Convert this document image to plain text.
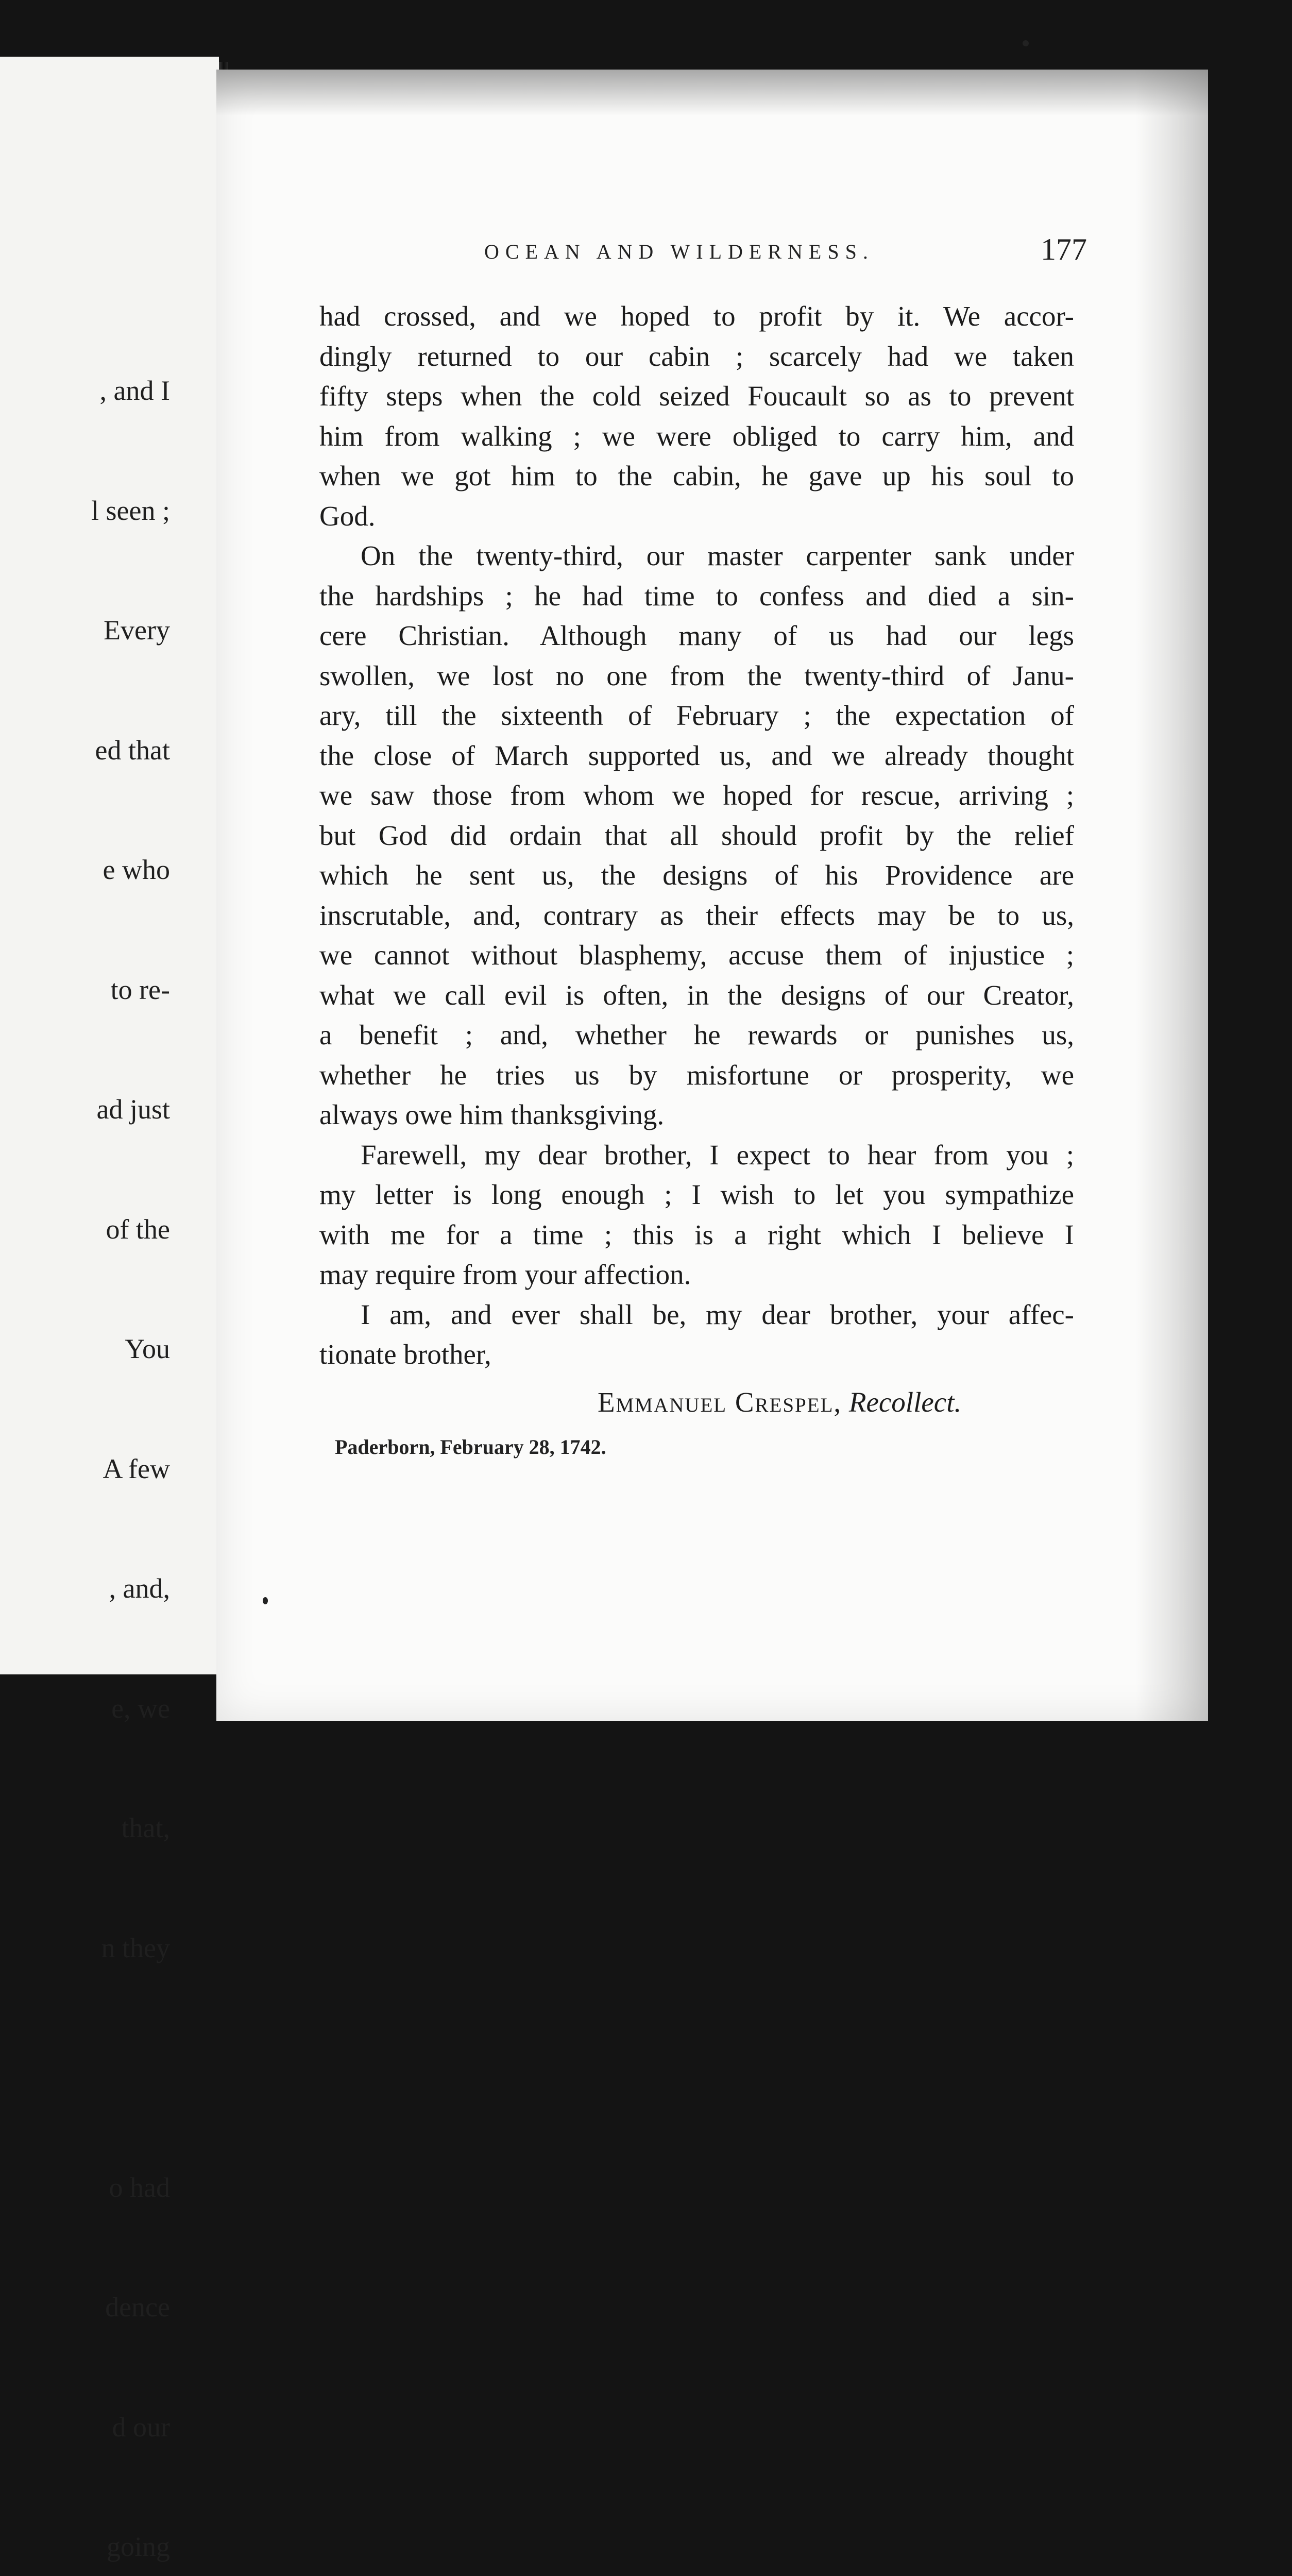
, and I

l seen ;

Every

ed that

e who

to re-

ad just

of the

You

A few

, and,

e, we

that,

n they

o had

dence

d our

going

OCEAN AND WILDERNESS.	177
had crossed, and we hoped to profit by it. We accor-
dingly returned to our cabin ; scarcely had we taken
fifty steps when the cold seized Foucault so as to prevent
him from walking ; we were obliged to carry him, and
when we got him to the cabin, he gave up his soul to
God.
On the twenty-third, our master carpenter sank under
the hardships ; he had time to confess and died a sin-
cere Christian. Although many of us had our legs
swollen, we lost no one from the twenty-third of Janu-
ary, till the sixteenth of February ; the expectation of
the close of March supported us, and we already thought
we saw those from whom we hoped for rescue, arriving ;
but God did ordain that all should profit by the relief
which he sent us, the designs of his Providence are
inscrutable, and, contrary as their effects may be to us,
we cannot without blasphemy, accuse them of injustice ;
what we call evil is often, in the designs of our Creator,
a benefit ; and, whether he rewards or punishes us,
whether he tries us by misfortune or prosperity, we
always owe him thanksgiving.
Farewell, my dear brother, I expect to hear from you ;
my letter is long enough ; I wish to let you sympathize
with me for a time ; this is a right which I believe I
may require from your affection.
I am, and ever shall be, my dear brother, your affec-
tionate brother,
Emmanuel Crespel, Recollect.
Paderborn, February 28, 1742.
